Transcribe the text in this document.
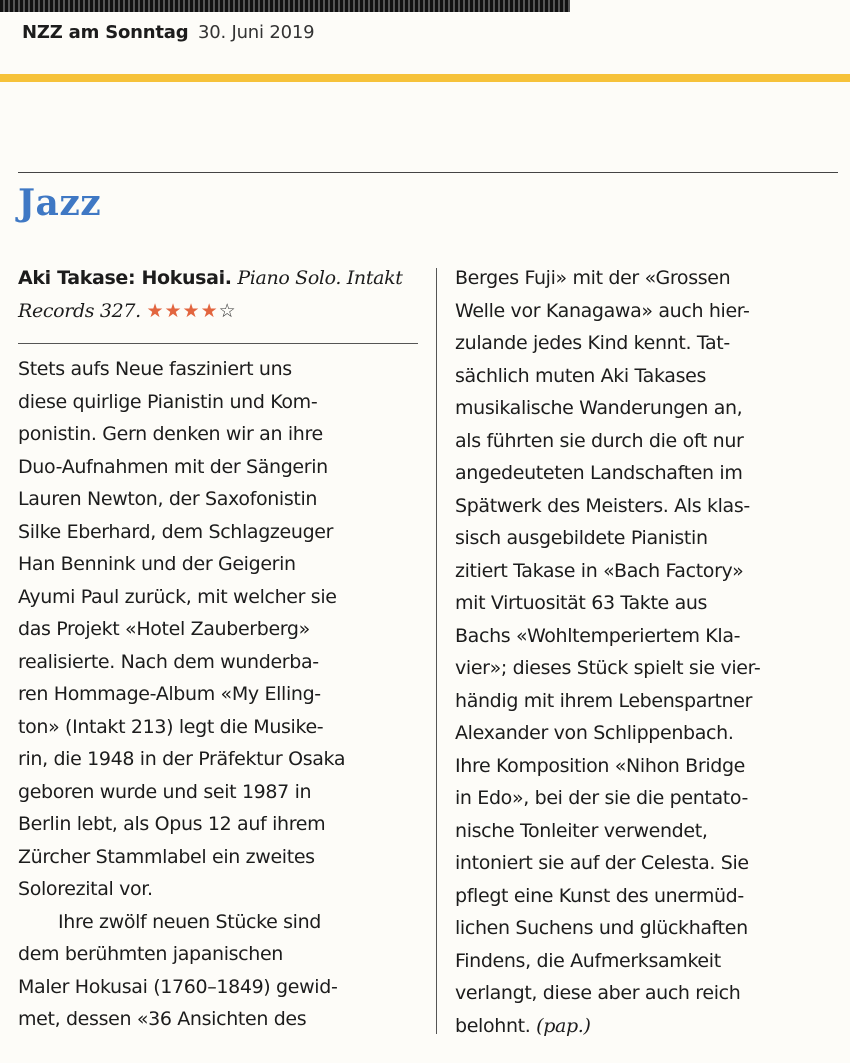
NZZ am Sonntag 30. Juni 2019
Jazz
Aki Takase: Hokusai. Piano Solo. Intakt Records 327. ★★★★☆

Stets aufs Neue fasziniert uns

diese quirlige Pianistin und Kom-

ponistin. Gern denken wir an ihre

Duo-Aufnahmen mit der Sängerin

Lauren Newton, der Saxofonistin

Silke Eberhard, dem Schlagzeuger

Han Bennink und der Geigerin

Ayumi Paul zurück, mit welcher sie

das Projekt «Hotel Zauberberg»

realisierte. Nach dem wunderba-

ren Hommage-Album «My Elling-

ton» (Intakt 213) legt die Musike-

rin, die 1948 in der Präfektur Osaka

geboren wurde und seit 1987 in

Berlin lebt, als Opus 12 auf ihrem

Zürcher Stammlabel ein zweites

Solorezital vor.

Ihre zwölf neuen Stücke sind

dem berühmten japanischen

Maler Hokusai (1760–1849) gewid-

met, dessen «36 Ansichten des

Berges Fuji» mit der «Grossen

Welle vor Kanagawa» auch hier-

zulande jedes Kind kennt. Tat-

sächlich muten Aki Takases

musikalische Wanderungen an,

als führten sie durch die oft nur

angedeuteten Landschaften im

Spätwerk des Meisters. Als klas-

sisch ausgebildete Pianistin

zitiert Takase in «Bach Factory»

mit Virtuosität 63 Takte aus

Bachs «Wohltemperiertem Kla-

vier»; dieses Stück spielt sie vier-

händig mit ihrem Lebenspartner

Alexander von Schlippenbach.

Ihre Komposition «Nihon Bridge

in Edo», bei der sie die pentato-

nische Tonleiter verwendet,

intoniert sie auf der Celesta. Sie

pflegt eine Kunst des unermüd-

lichen Suchens und glückhaften

Findens, die Aufmerksamkeit

verlangt, diese aber auch reich

belohnt. (pap.)
